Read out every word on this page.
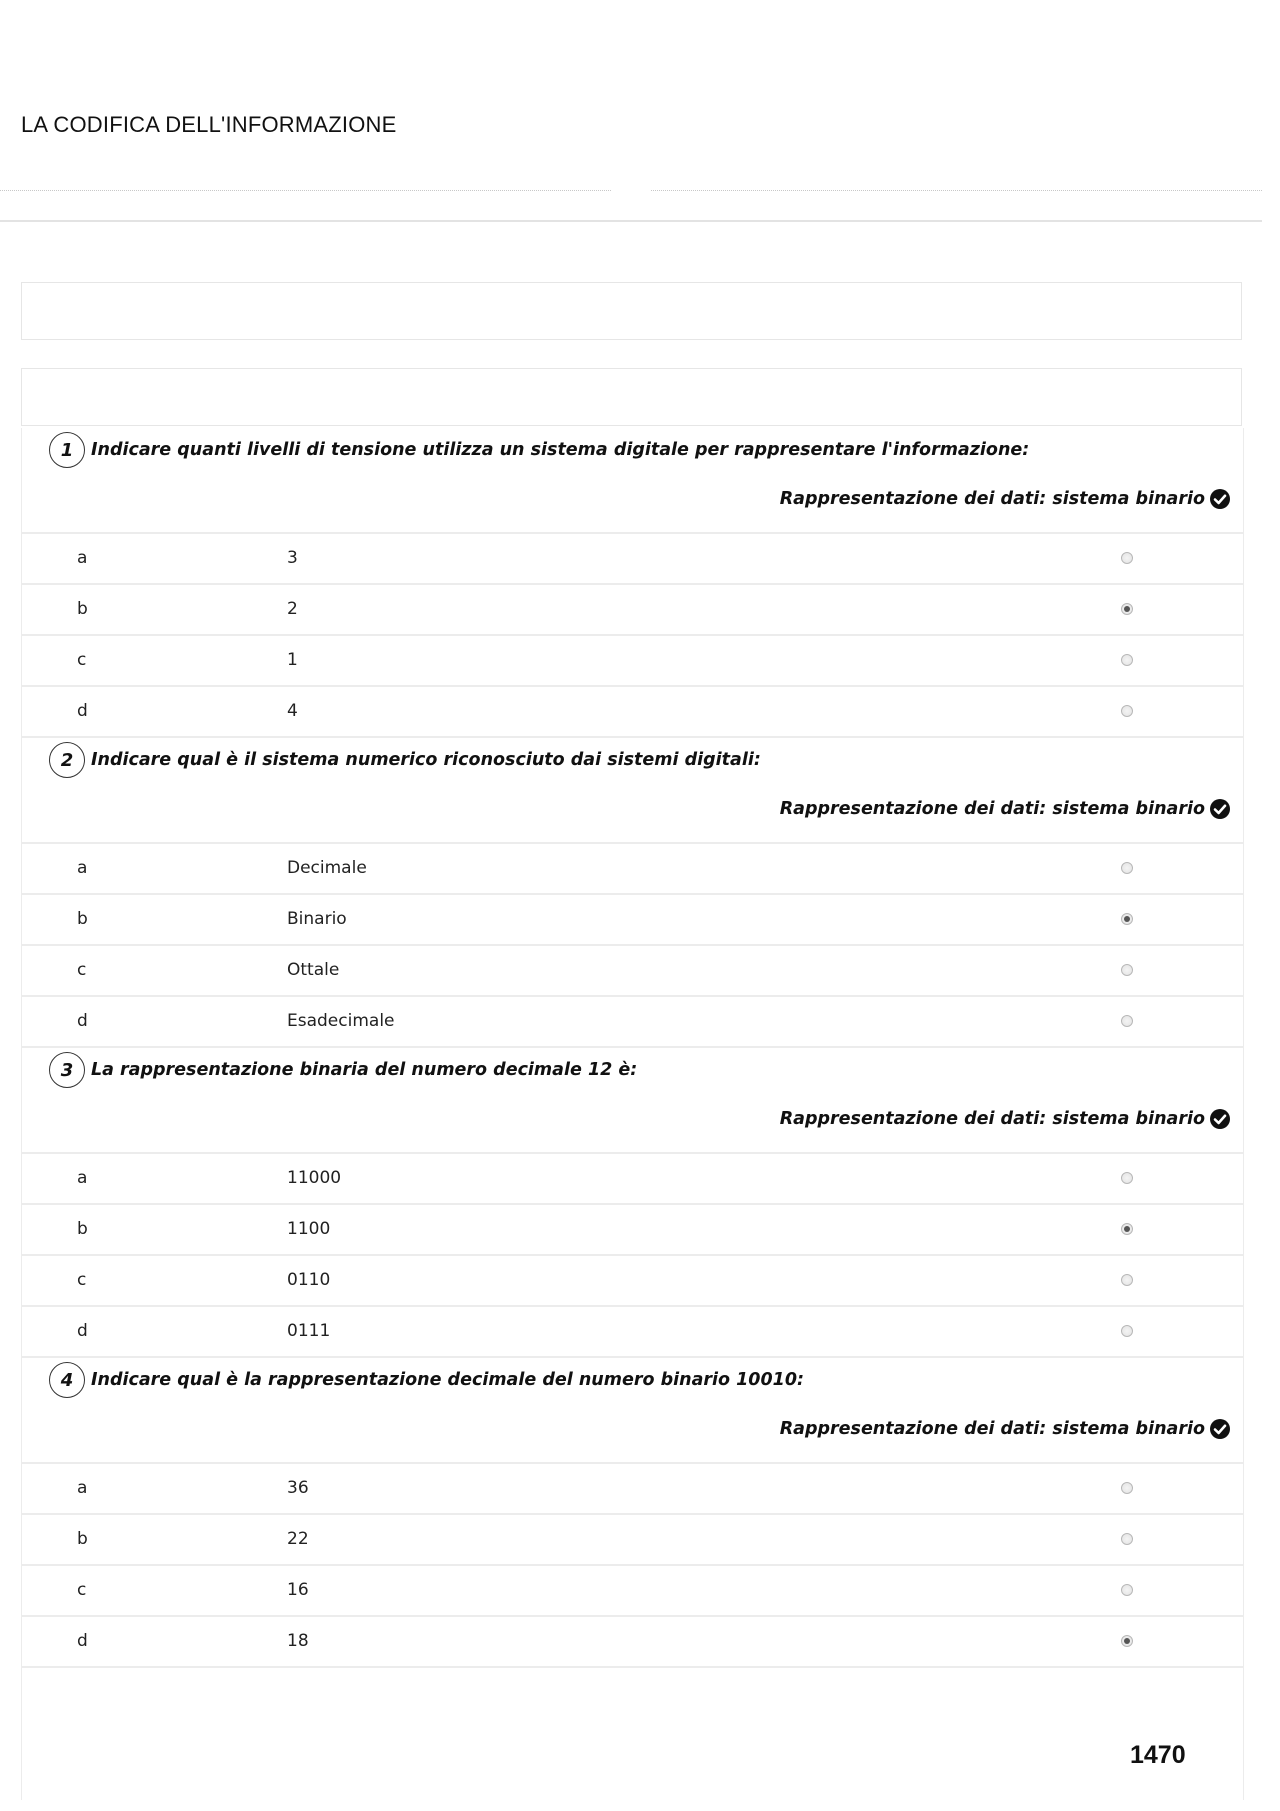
LA CODIFICA DELL'INFORMAZIONE
1	Indicare quanti livelli di tensione utilizza un sistema digitale per rappresentare l'informazione:
Rappresentazione dei dati: sistema binario
a	3
b	2
c	1
d	4
2	Indicare qual è il sistema numerico riconosciuto dai sistemi digitali:
Rappresentazione dei dati: sistema binario
a	Decimale
b	Binario
c	Ottale
d	Esadecimale
3	La rappresentazione binaria del numero decimale 12 è:
Rappresentazione dei dati: sistema binario
a	11000
b	1100
c	0110
d	0111
4	Indicare qual è la rappresentazione decimale del numero binario 10010:
Rappresentazione dei dati: sistema binario
a	36
b	22
c	16
d	18
1470
